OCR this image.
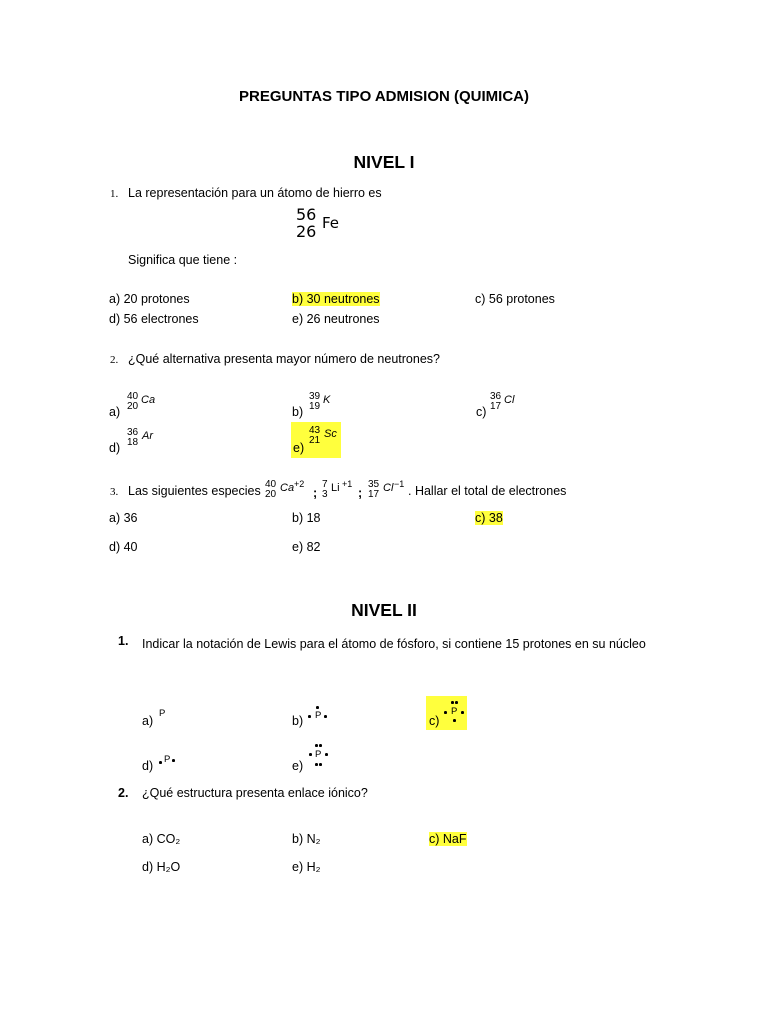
PREGUNTAS TIPO ADMISION (QUIMICA)
NIVEL I
1. La representación para un átomo de hierro es
56
26 Fe
Significa que tiene :
a) 20 protones	b) 30 neutrones	c) 56 protones
d) 56 electrones	e) 26 neutrones
2. ¿Qué alternativa presenta mayor número de neutrones?
a)
40
20
Ca
b)
39
19
K
c)
36
17
Cl
d)
36
18
Ar
e)
43
21
Sc
3. Las siguientes especies 40
20
Ca +2
;
7
3
Li +1
;
35
17
Cl −1 . Hallar el total de electrones
a) 36	b) 18	c) 38
d) 40	e) 82
NIVEL II
1. Indicar la notación de Lewis para el átomo de fósforo, si contiene 15 protones en su núcleo
a)
P
b) P	c)
P
d) P	e)
P
2. ¿Qué estructura presenta enlace iónico?
a) CO₂	b) N₂	c) NaF
d) H₂O	e) H₂
